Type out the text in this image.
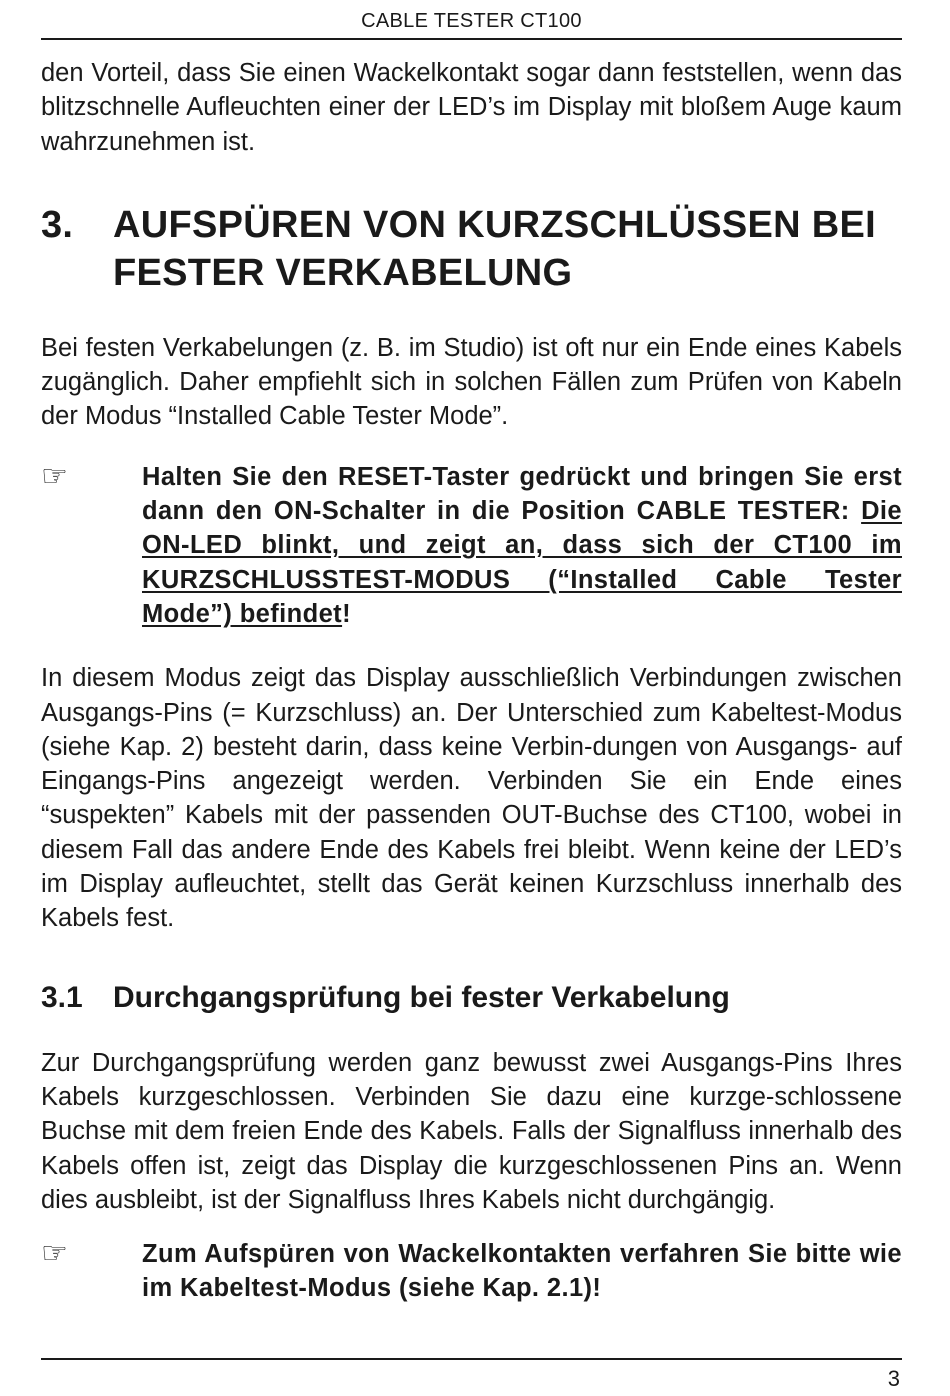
CABLE TESTER CT100

den Vorteil, dass Sie einen Wackelkontakt sogar dann feststellen, wenn das blitzschnelle Aufleuchten einer der LED’s im Display mit bloßem Auge kaum wahrzunehmen ist.

3.	AUFSPÜREN VON KURZSCHLÜSSEN BEI FESTER VERKABELUNG

Bei festen Verkabelungen (z. B. im Studio) ist oft nur ein Ende eines Kabels zugänglich. Daher empfiehlt sich in solchen Fällen zum Prüfen von Kabeln der Modus “Installed Cable Tester Mode”.

☞	Halten Sie den RESET-Taster gedrückt und bringen Sie erst dann den ON-Schalter in die Position CABLE TESTER: Die ON-LED blinkt, und zeigt an, dass sich der CT100 im KURZSCHLUSSTEST-MODUS (“Installed Cable Tester Mode”) befindet!

In diesem Modus zeigt das Display ausschließlich Verbindungen zwischen Ausgangs-Pins (= Kurzschluss) an. Der Unterschied zum Kabeltest-Modus (siehe Kap. 2) besteht darin, dass keine Verbin-dungen von Ausgangs- auf Eingangs-Pins angezeigt werden. Verbinden Sie ein Ende eines “suspekten” Kabels mit der passenden OUT-Buchse des CT100, wobei in diesem Fall das andere Ende des Kabels frei bleibt. Wenn keine der LED’s im Display aufleuchtet, stellt das Gerät keinen Kurzschluss innerhalb des Kabels fest.

3.1	Durchgangsprüfung bei fester Verkabelung

Zur Durchgangsprüfung werden ganz bewusst zwei Ausgangs-Pins Ihres Kabels kurzgeschlossen. Verbinden Sie dazu eine kurzge-schlossene Buchse mit dem freien Ende des Kabels. Falls der Signalfluss innerhalb des Kabels offen ist, zeigt das Display die kurzgeschlossenen Pins an. Wenn dies ausbleibt, ist der Signalfluss Ihres Kabels nicht durchgängig.

☞	Zum Aufspüren von Wackelkontakten verfahren Sie bitte wie im Kabeltest-Modus (siehe Kap. 2.1)!
3
